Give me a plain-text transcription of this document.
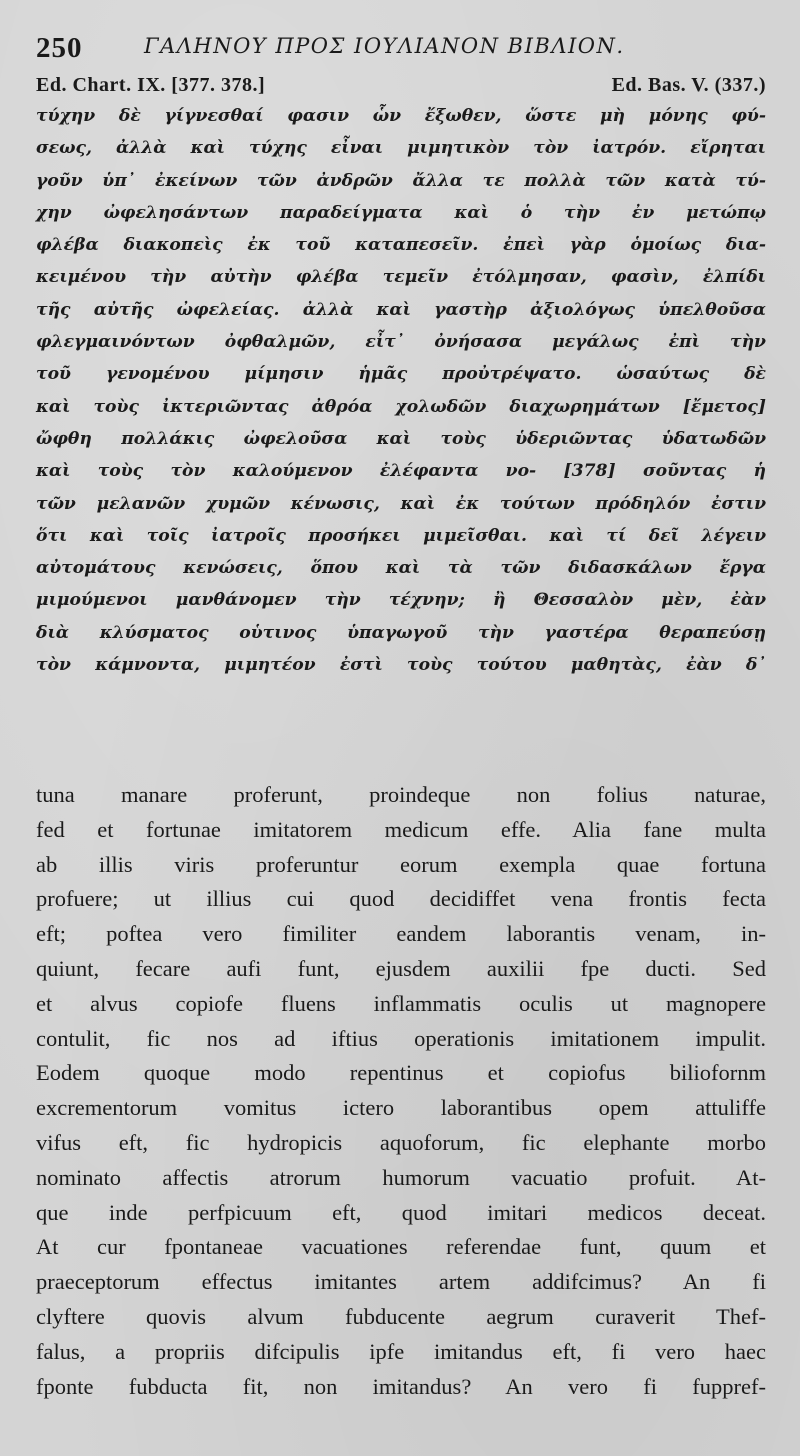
250	ΓΑΛΗΝΟΥ ΠΡΟΣ ΙΟΥΛΙΑΝΟΝ ΒΙΒΛΙΟΝ.
Ed. Chart. IX. [377. 378.]	Ed. Bas. V. (337.)
τύχην δὲ γίγνεσθαί φασιν ὧν ἔξωθεν, ὥστε μὴ μόνης φύ-
σεως, ἀλλὰ καὶ τύχης εἶναι μιμητικὸν τὸν ἰατρόν. εἴρηται
γοῦν ὑπ᾽ ἐκείνων τῶν ἀνδρῶν ἄλλα τε πολλὰ τῶν κατὰ τύ-
χην ὠφελησάντων παραδείγματα καὶ ὁ τὴν ἐν μετώπῳ
φλέβα διακοπεὶς ἐκ τοῦ καταπεσεῖν. ἐπεὶ γὰρ ὁμοίως δια-
κειμένου τὴν αὐτὴν φλέβα τεμεῖν ἐτόλμησαν, φασὶν, ἐλπίδι
τῆς αὐτῆς ὠφελείας. ἀλλὰ καὶ γαστὴρ ἀξιολόγως ὑπελθοῦσα
φλεγμαινόντων ὀφθαλμῶν, εἶτ᾽ ὀνήσασα μεγάλως ἐπὶ τὴν
τοῦ γενομένου μίμησιν ἡμᾶς προὐτρέψατο. ὡσαύτως δὲ
καὶ τοὺς ἰκτεριῶντας ἀθρόα χολωδῶν διαχωρημάτων [ἔμετος]
ὤφθη πολλάκις ὠφελοῦσα καὶ τοὺς ὑδεριῶντας ὑδατωδῶν
καὶ τοὺς τὸν καλούμενον ἐλέφαντα νο- [378] σοῦντας ἡ
τῶν μελανῶν χυμῶν κένωσις, καὶ ἐκ τούτων πρόδηλόν ἐστιν
ὅτι καὶ τοῖς ἰατροῖς προσήκει μιμεῖσθαι. καὶ τί δεῖ λέγειν
αὐτομάτους κενώσεις, ὅπου καὶ τὰ τῶν διδασκάλων ἔργα
μιμούμενοι μανθάνομεν τὴν τέχνην; ἢ Θεσσαλὸν μὲν, ἐὰν
διὰ κλύσματος οὑτινος ὑπαγωγοῦ τὴν γαστέρα θεραπεύσῃ
τὸν κάμνοντα, μιμητέον ἐστὶ τοὺς τούτου μαθητὰς, ἐὰν δ᾽
tuna manare proferunt, proindeque non folius naturae,
fed et fortunae imitatorem medicum effe. Alia fane multa
ab illis viris proferuntur eorum exempla quae fortuna
profuere; ut illius cui quod decidiffet vena frontis fecta
eft; poftea vero fimiliter eandem laborantis venam, in-
quiunt, fecare aufi funt, ejusdem auxilii fpe ducti. Sed
et alvus copiofe fluens inflammatis oculis ut magnopere
contulit, fic nos ad iftius operationis imitationem impulit.
Eodem quoque modo repentinus et copiofus biliofornm
excrementorum vomitus ictero laborantibus opem attuliffe
vifus eft, fic hydropicis aquoforum, fic elephante morbo
nominato affectis atrorum humorum vacuatio profuit. At-
que inde perfpicuum eft, quod imitari medicos deceat.
At cur fpontaneae vacuationes referendae funt, quum et
praeceptorum effectus imitantes artem addifcimus? An fi
clyftere quovis alvum fubducente aegrum curaverit Thef-
falus, a propriis difcipulis ipfe imitandus eft, fi vero haec
fponte fubducta fit, non imitandus? An vero fi fuppref-
